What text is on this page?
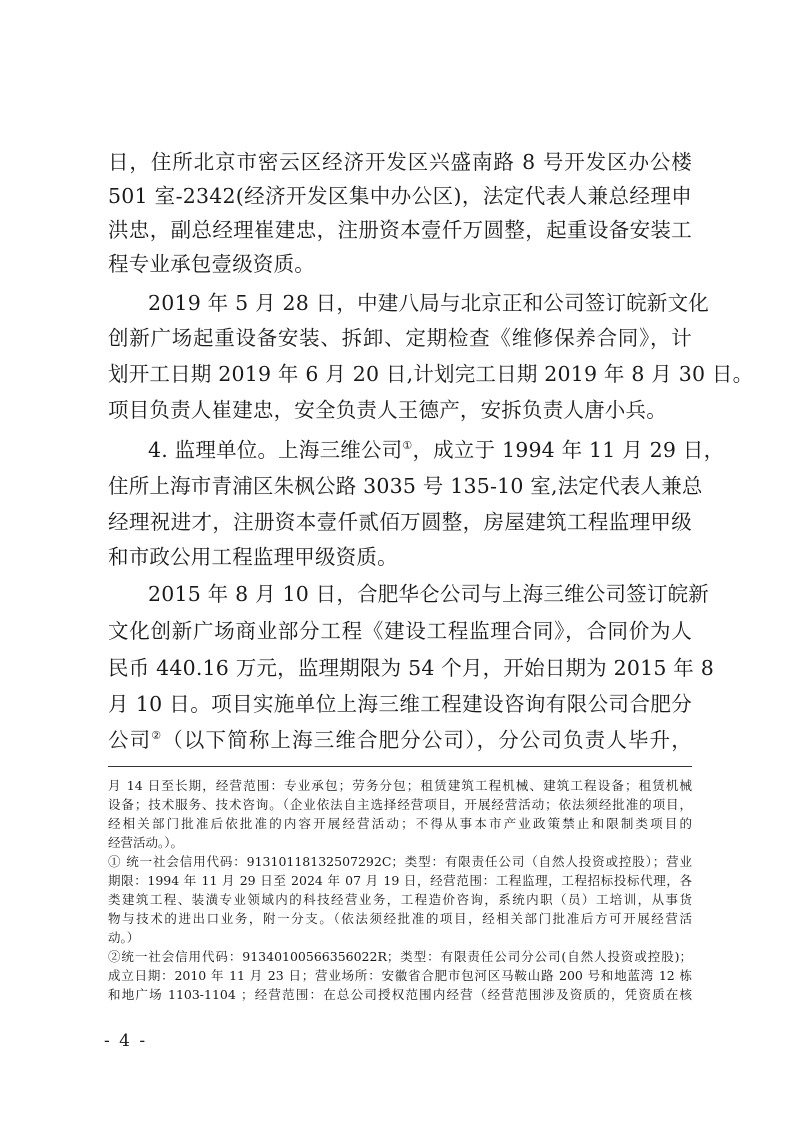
日，住所北京市密云区经济开发区兴盛南路 8 号开发区办公楼
501 室-2342(经济开发区集中办公区)，法定代表人兼总经理申
洪忠，副总经理崔建忠，注册资本壹仟万圆整，起重设备安装工
程专业承包壹级资质。
2019 年 5 月 28 日，中建八局与北京正和公司签订皖新文化
创新广场起重设备安装、拆卸、定期检查《维修保养合同》，计
划开工日期 2019 年 6 月 20 日,计划完工日期 2019 年 8 月 30 日。
项目负责人崔建忠，安全负责人王德产，安拆负责人唐小兵。
4. 监理单位。上海三维公司①，成立于 1994 年 11 月 29 日，
住所上海市青浦区朱枫公路 3035 号 135-10 室,法定代表人兼总
经理祝进才，注册资本壹仟贰佰万圆整，房屋建筑工程监理甲级
和市政公用工程监理甲级资质。
2015 年 8 月 10 日，合肥华仑公司与上海三维公司签订皖新
文化创新广场商业部分工程《建设工程监理合同》，合同价为人
民币 440.16 万元，监理期限为 54 个月，开始日期为 2015 年 8
月 10 日。项目实施单位上海三维工程建设咨询有限公司合肥分
公司②（以下简称上海三维合肥分公司），分公司负责人毕升，
月 14 日至长期，经营范围：专业承包；劳务分包；租赁建筑工程机械、建筑工程设备；租赁机械
设备；技术服务、技术咨询。（企业依法自主选择经营项目，开展经营活动；依法须经批准的项目，
经相关部门批准后依批准的内容开展经营活动；不得从事本市产业政策禁止和限制类项目的
经营活动。）。
① 统一社会信用代码：91310118132507292C；类型：有限责任公司（自然人投资或控股）；营业
期限：1994 年 11 月 29 日至 2024 年 07 月 19 日，经营范围：工程监理，工程招标投标代理，各
类建筑工程、装潢专业领域内的科技经营业务，工程造价咨询，系统内职（员）工培训，从事货
物与技术的进出口业务，附一分支。（依法须经批准的项目，经相关部门批准后方可开展经营活
动。）
②统一社会信用代码：91340100566356022R；类型：有限责任公司分公司(自然人投资或控股)；
成立日期：2010 年 11 月 23 日；营业场所：安徽省合肥市包河区马鞍山路 200 号和地蓝湾 12 栋
和地广场 1103-1104 ；经营范围：在总公司授权范围内经营（经营范围涉及资质的，凭资质在核
- 4 -
